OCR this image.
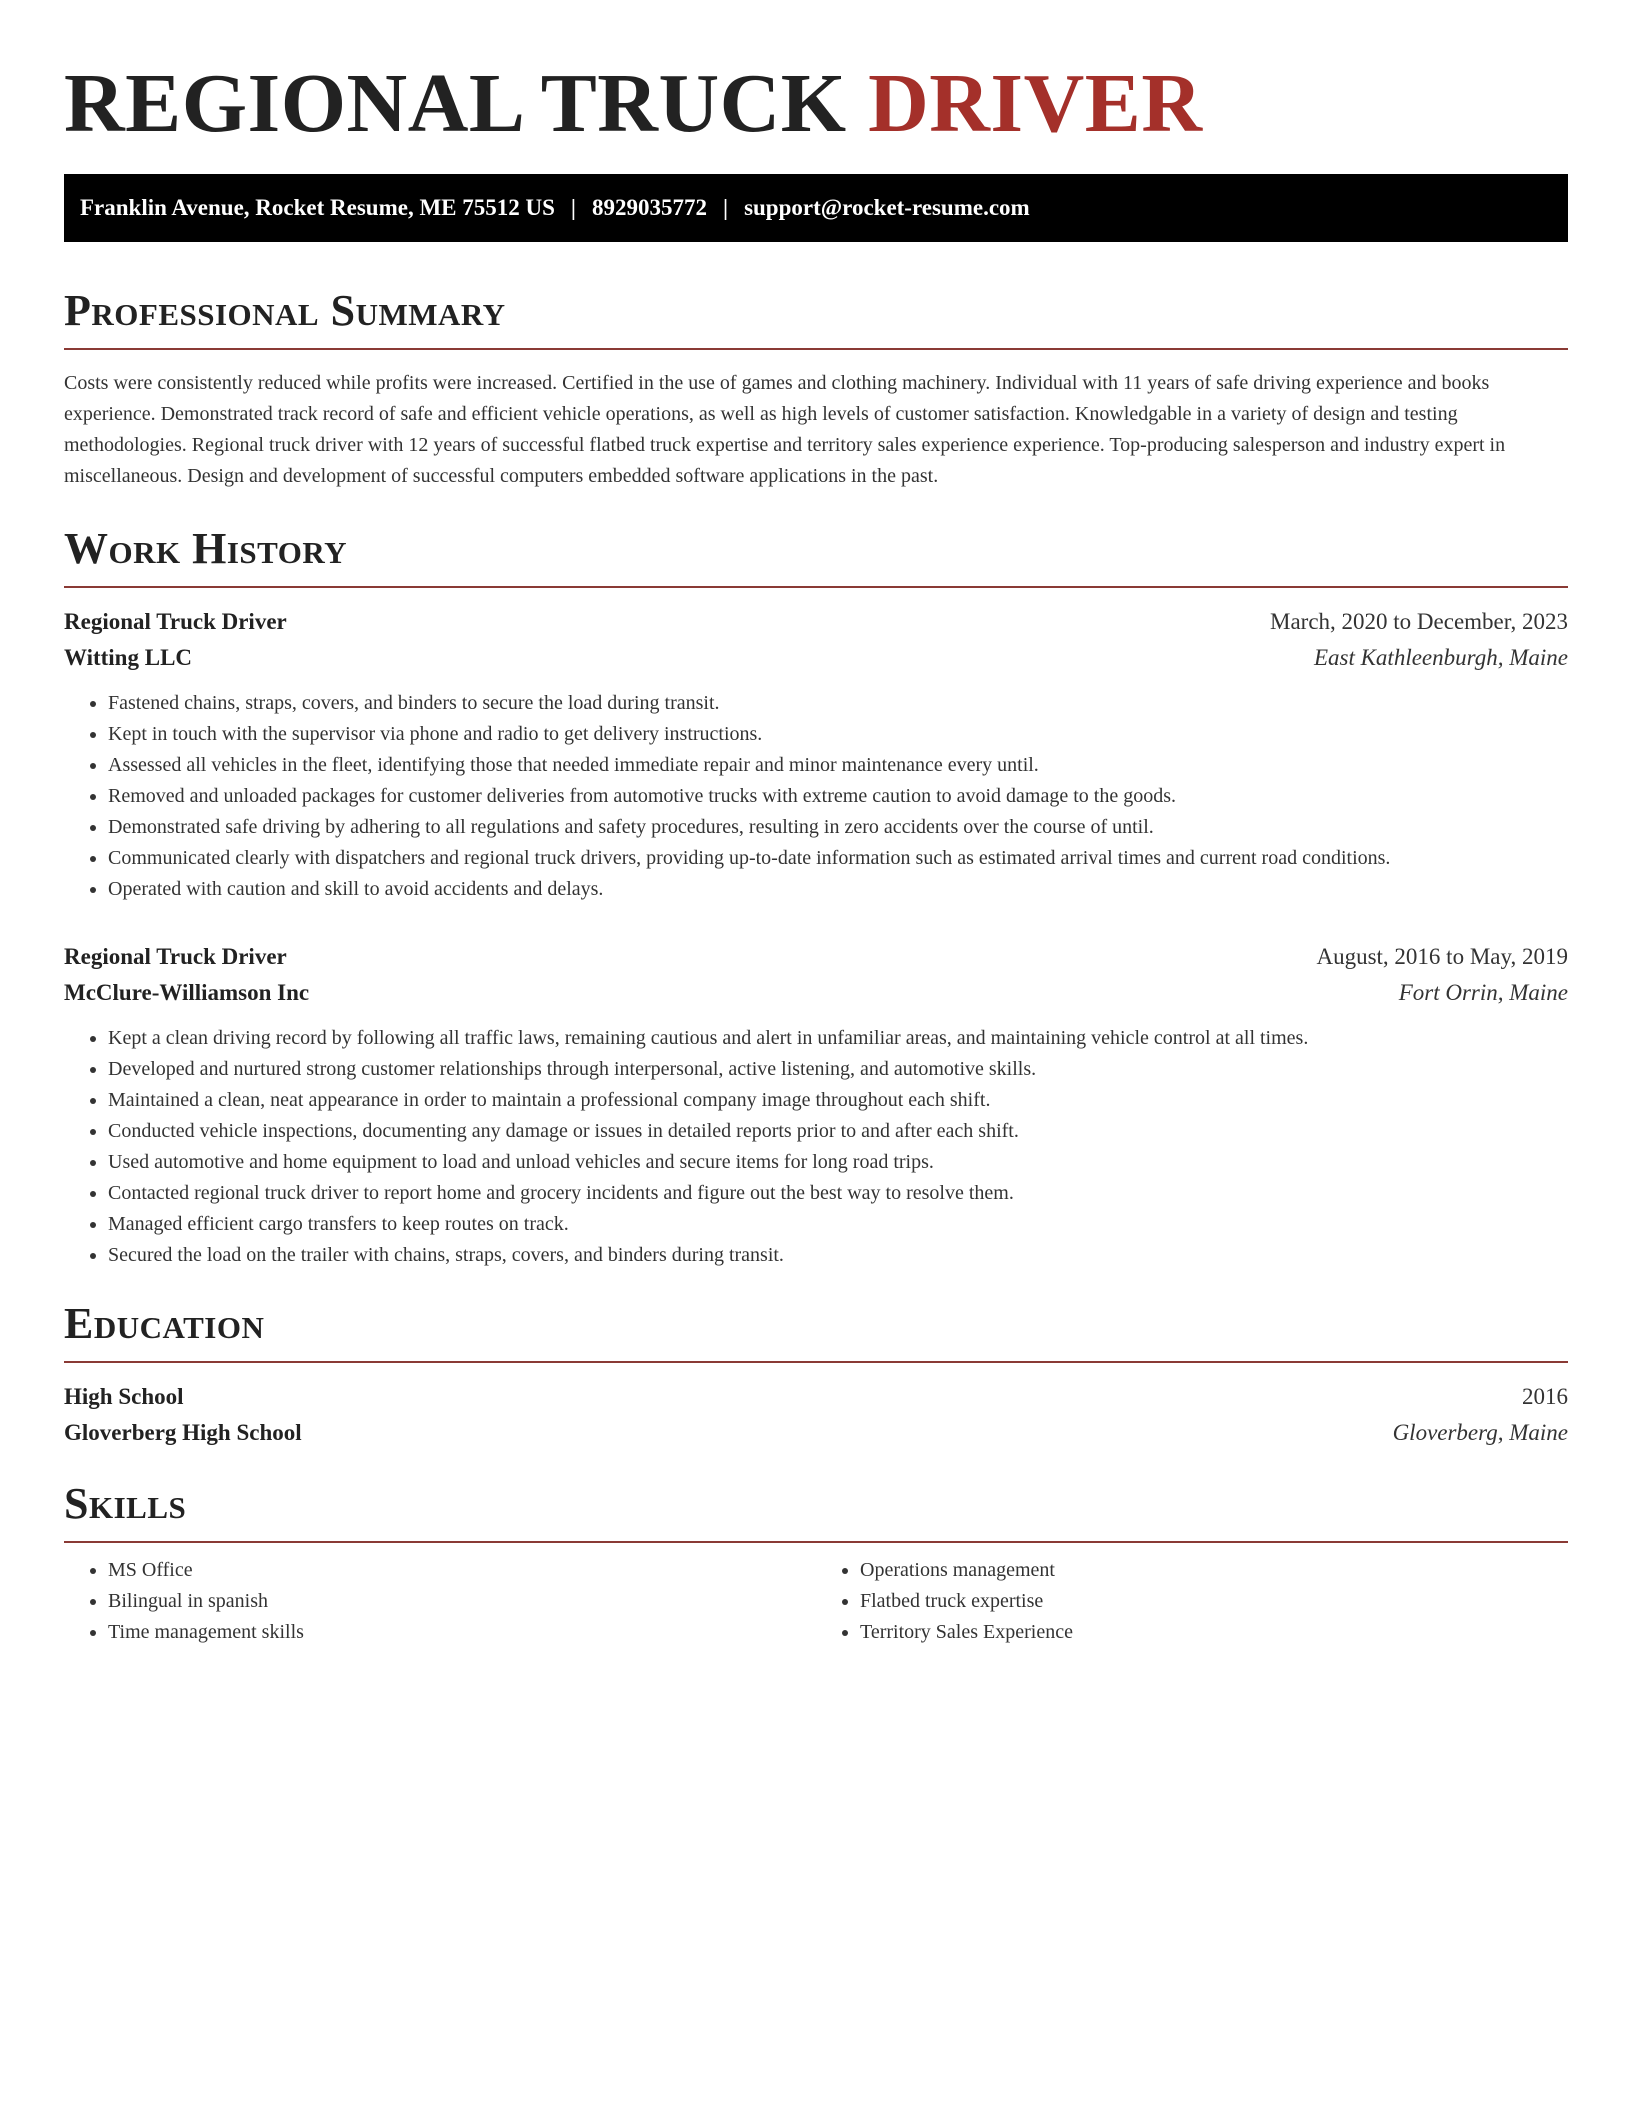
REGIONAL TRUCK DRIVER
Franklin Avenue, Rocket Resume, ME 75512 US | 8929035772 | support@rocket-resume.com
Professional Summary

Costs were consistently reduced while profits were increased. Certified in the use of games and clothing machinery. Individual with 11 years of safe driving experience and books experience. Demonstrated track record of safe and efficient vehicle operations, as well as high levels of customer satisfaction. Knowledgable in a variety of design and testing methodologies. Regional truck driver with 12 years of successful flatbed truck expertise and territory sales experience experience. Top-producing salesperson and industry expert in miscellaneous. Design and development of successful computers embedded software applications in the past.

Work History
Regional Truck Driver	March, 2020 to December, 2023
Witting LLC	East Kathleenburgh, Maine
• Fastened chains, straps, covers, and binders to secure the load during transit.
• Kept in touch with the supervisor via phone and radio to get delivery instructions.
• Assessed all vehicles in the fleet, identifying those that needed immediate repair and minor maintenance every until.
• Removed and unloaded packages for customer deliveries from automotive trucks with extreme caution to avoid damage to the goods.
• Demonstrated safe driving by adhering to all regulations and safety procedures, resulting in zero accidents over the course of until.
• Communicated clearly with dispatchers and regional truck drivers, providing up-to-date information such as estimated arrival times and current road conditions.
• Operated with caution and skill to avoid accidents and delays.
Regional Truck Driver	August, 2016 to May, 2019
McClure-Williamson Inc	Fort Orrin, Maine
• Kept a clean driving record by following all traffic laws, remaining cautious and alert in unfamiliar areas, and maintaining vehicle control at all times.
• Developed and nurtured strong customer relationships through interpersonal, active listening, and automotive skills.
• Maintained a clean, neat appearance in order to maintain a professional company image throughout each shift.
• Conducted vehicle inspections, documenting any damage or issues in detailed reports prior to and after each shift.
• Used automotive and home equipment to load and unload vehicles and secure items for long road trips.
• Contacted regional truck driver to report home and grocery incidents and figure out the best way to resolve them.
• Managed efficient cargo transfers to keep routes on track.
• Secured the load on the trailer with chains, straps, covers, and binders during transit.
Education
High School	2016
Gloverberg High School	Gloverberg, Maine
Skills
• MS Office
• Bilingual in spanish
• Time management skills
• Operations management
• Flatbed truck expertise
• Territory Sales Experience
